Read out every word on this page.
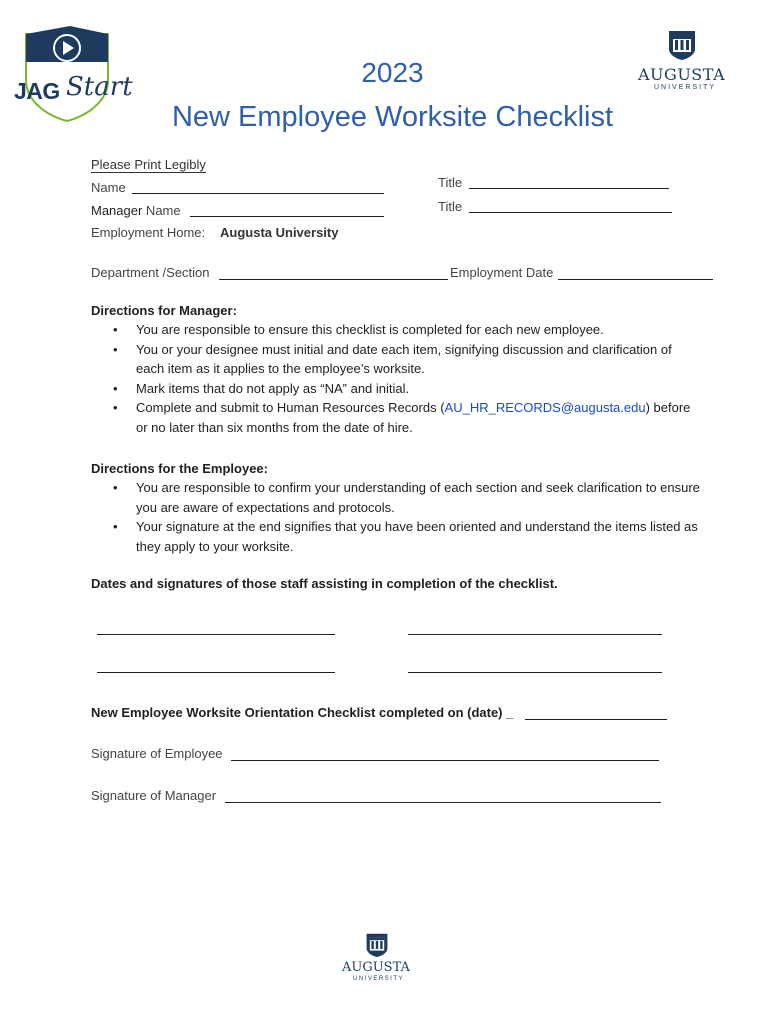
JAG Start	AUGUSTA
UNIVERSITY
2023
New Employee Worksite Checklist
Please Print Legibly
Name	Title
Manager Name	Title
Employment Home: Augusta University
Department /Section	Employment Date
Directions for Manager:
• You are responsible to ensure this checklist is completed for each new employee.
• You or your designee must initial and date each item, signifying discussion and clarification of each item as it applies to the employee’s worksite.
• Mark items that do not apply as “NA” and initial.
• Complete and submit to Human Resources Records (AU_HR_RECORDS@augusta.edu) before or no later than six months from the date of hire.
Directions for the Employee:
• You are responsible to confirm your understanding of each section and seek clarification to ensure you are aware of expectations and protocols.
• Your signature at the end signifies that you have been oriented and understand the items listed as they apply to your worksite.
Dates and signatures of those staff assisting in completion of the checklist.
New Employee Worksite Orientation Checklist completed on (date) _
Signature of Employee
Signature of Manager
AUGUSTA
UNIVERSITY
